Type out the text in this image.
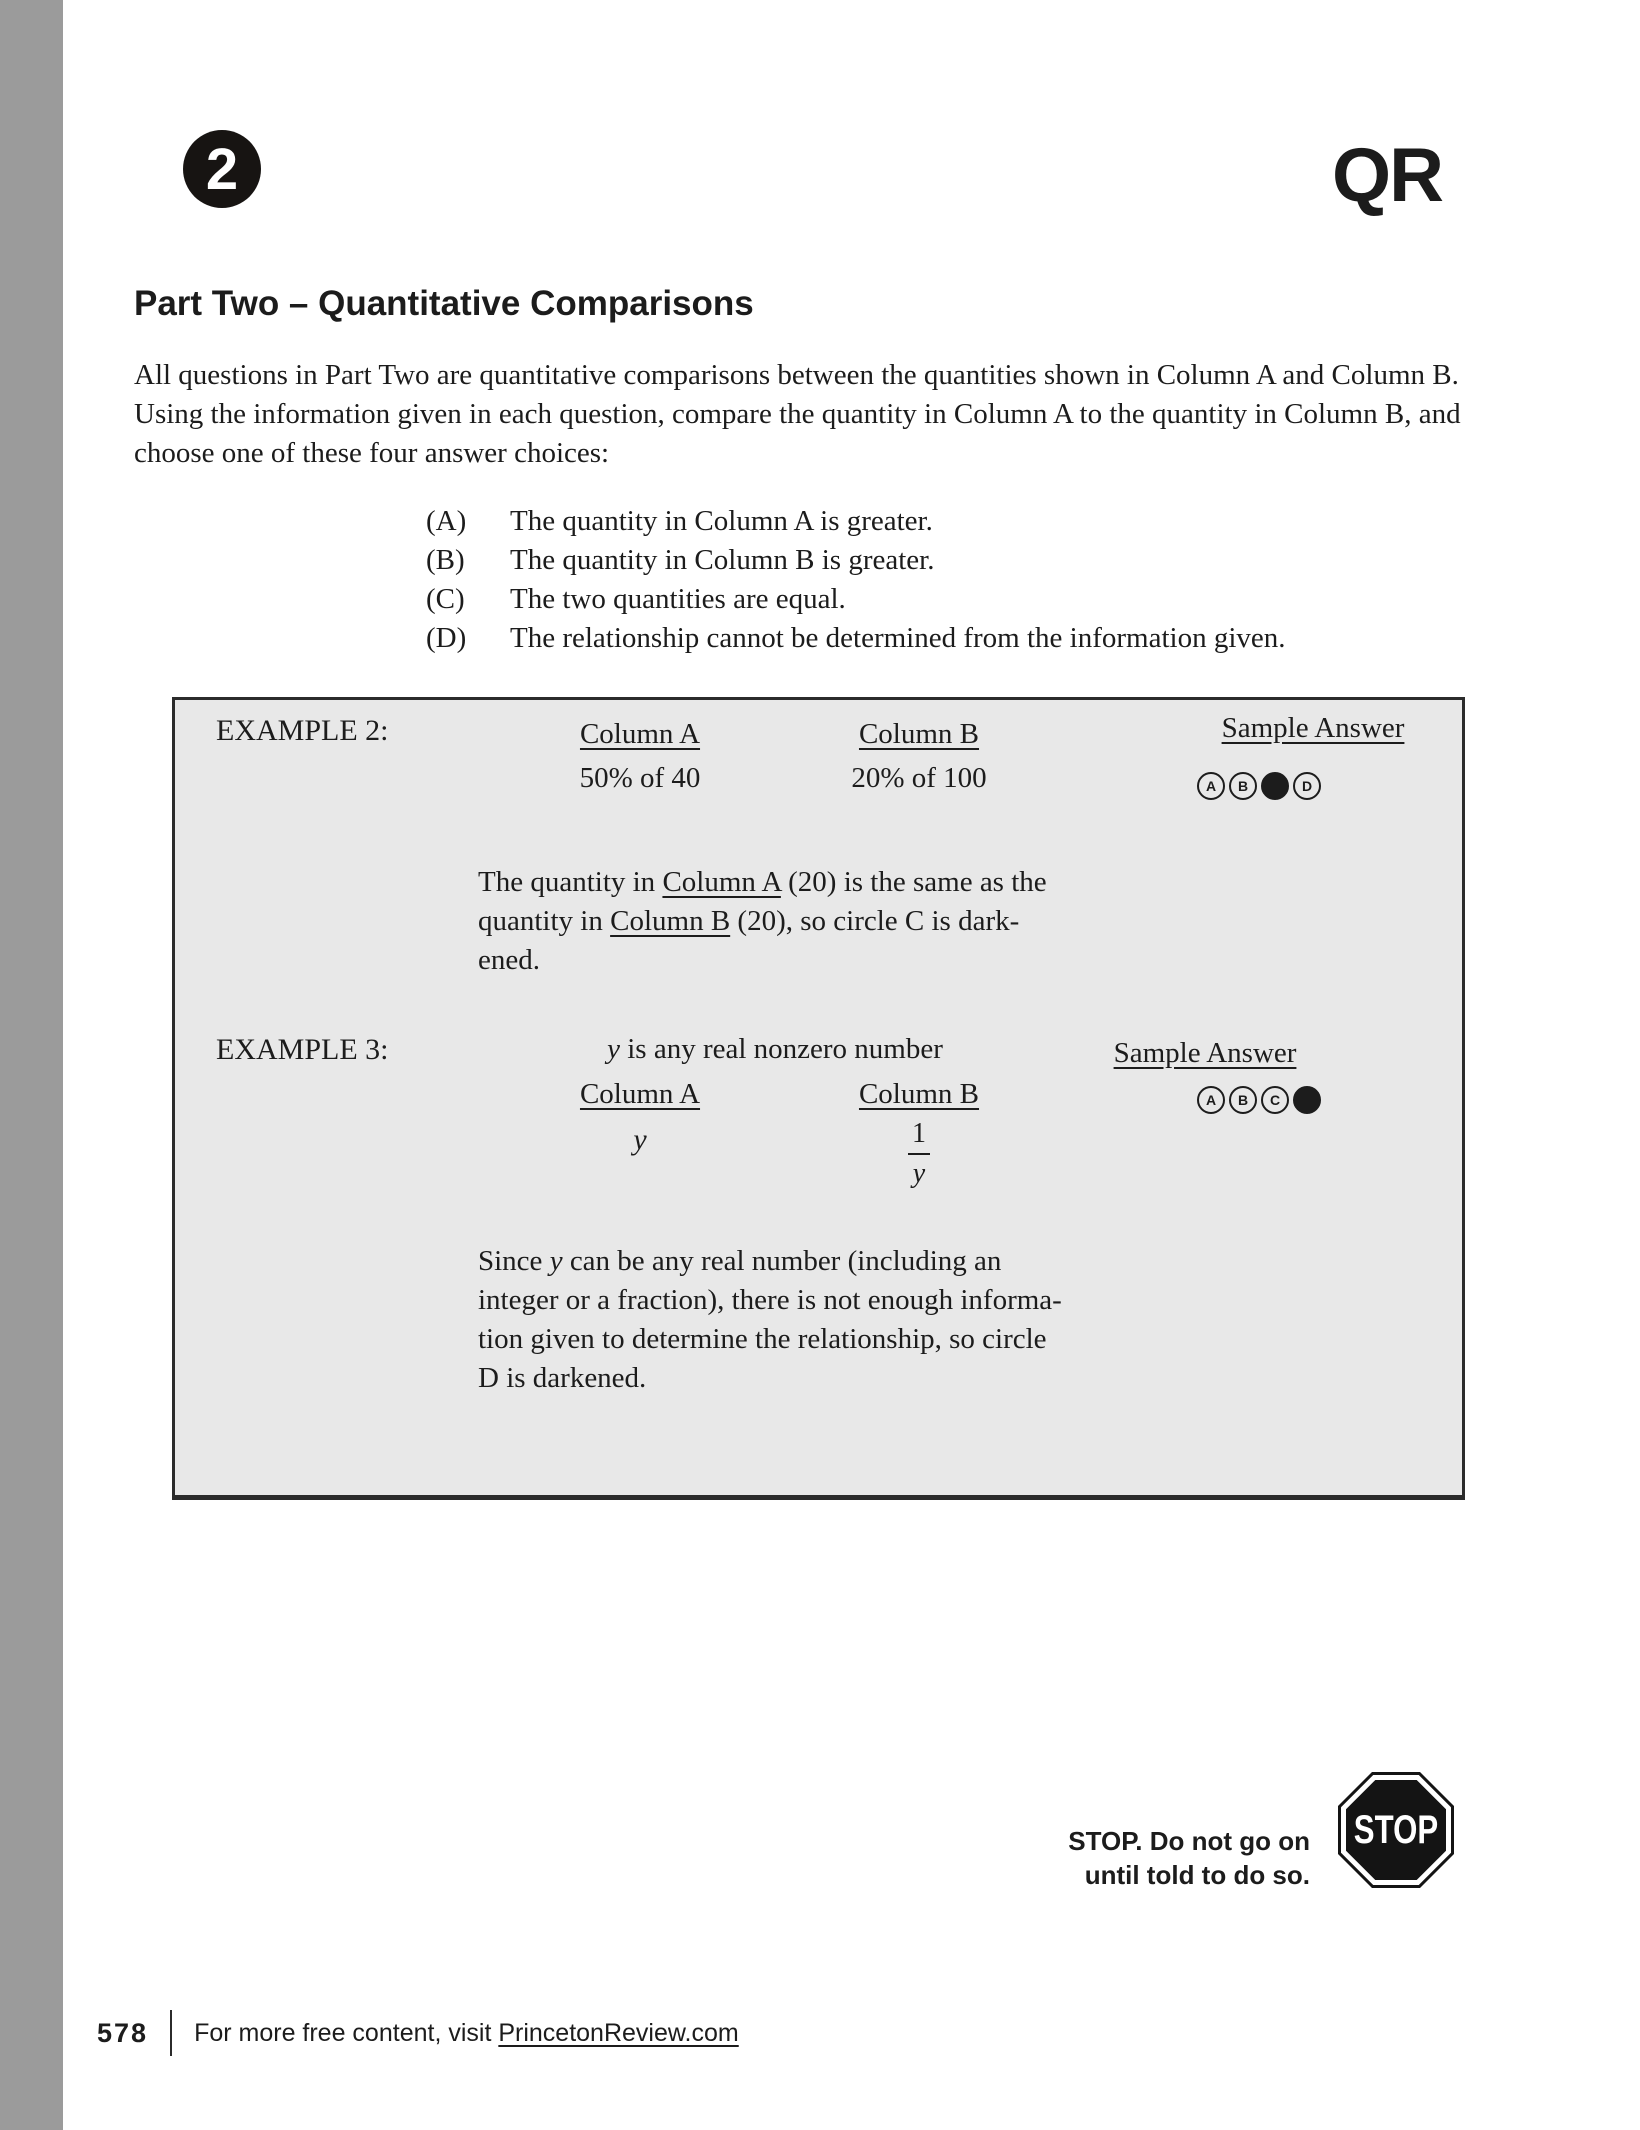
2	QR
Part Two – Quantitative Comparisons

All questions in Part Two are quantitative comparisons between the quantities shown in Column A and Column B. Using the information given in each question, compare the quantity in Column A to the quantity in Column B, and choose one of these four answer choices:

(A)	The quantity in Column A is greater.
(B)	The quantity in Column B is greater.
(C)	The two quantities are equal.
(D)	The relationship cannot be determined from the information given.
EXAMPLE 2:	Column A	Column B	Sample Answer
50% of 40	20% of 100	A	B	D
The quantity in Column A (20) is the same as the
quantity in Column B (20), so circle C is dark-
ened.
EXAMPLE 3:	y is any real nonzero number	Sample Answer
Column A	Column B	A	B	C
y	$\frac{1}{y}$
Since y can be any real number (including an
integer or a fraction), there is not enough informa-
tion given to determine the relationship, so circle
D is darkened.
STOP. Do not go on
until told to do so.
STOP
578 For more free content, visit PrincetonReview.com
